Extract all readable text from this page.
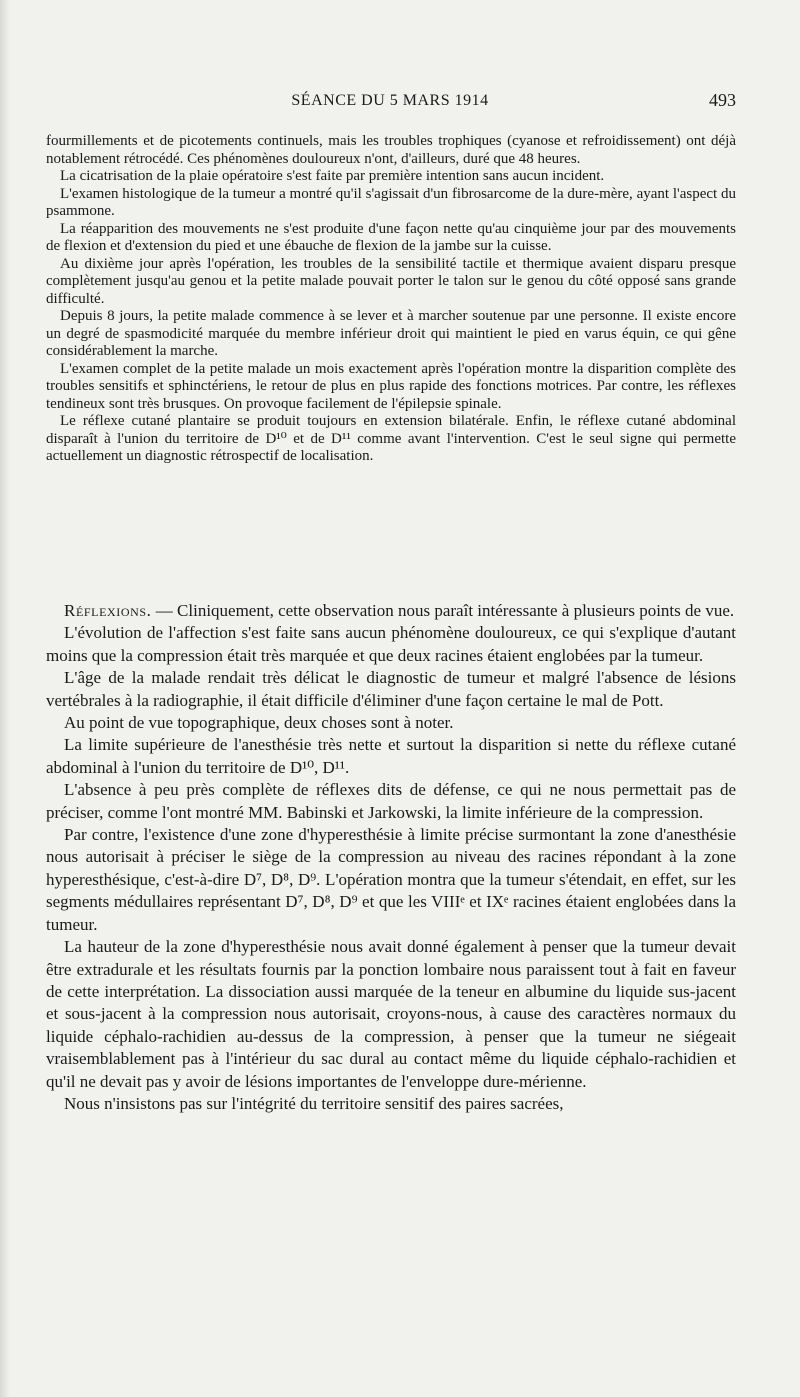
SÉANCE DU 5 MARS 1914	493

fourmillements et de picotements continuels, mais les troubles trophiques (cyanose et refroidissement) ont déjà notablement rétrocédé. Ces phénomènes douloureux n'ont, d'ailleurs, duré que 48 heures.

La cicatrisation de la plaie opératoire s'est faite par première intention sans aucun incident.

L'examen histologique de la tumeur a montré qu'il s'agissait d'un fibrosarcome de la dure-mère, ayant l'aspect du psammone.

La réapparition des mouvements ne s'est produite d'une façon nette qu'au cinquième jour par des mouvements de flexion et d'extension du pied et une ébauche de flexion de la jambe sur la cuisse.

Au dixième jour après l'opération, les troubles de la sensibilité tactile et thermique avaient disparu presque complètement jusqu'au genou et la petite malade pouvait porter le talon sur le genou du côté opposé sans grande difficulté.

Depuis 8 jours, la petite malade commence à se lever et à marcher soutenue par une personne. Il existe encore un degré de spasmodicité marquée du membre inférieur droit qui maintient le pied en varus équin, ce qui gêne considérablement la marche.

L'examen complet de la petite malade un mois exactement après l'opération montre la disparition complète des troubles sensitifs et sphinctériens, le retour de plus en plus rapide des fonctions motrices. Par contre, les réflexes tendineux sont très brusques. On provoque facilement de l'épilepsie spinale.

Le réflexe cutané plantaire se produit toujours en extension bilatérale. Enfin, le réflexe cutané abdominal disparaît à l'union du territoire de D¹⁰ et de D¹¹ comme avant l'intervention. C'est le seul signe qui permette actuellement un diagnostic rétrospectif de localisation.

Réflexions. — Cliniquement, cette observation nous paraît intéressante à plusieurs points de vue.

L'évolution de l'affection s'est faite sans aucun phénomène douloureux, ce qui s'explique d'autant moins que la compression était très marquée et que deux racines étaient englobées par la tumeur.

L'âge de la malade rendait très délicat le diagnostic de tumeur et malgré l'absence de lésions vertébrales à la radiographie, il était difficile d'éliminer d'une façon certaine le mal de Pott.

Au point de vue topographique, deux choses sont à noter.

La limite supérieure de l'anesthésie très nette et surtout la disparition si nette du réflexe cutané abdominal à l'union du territoire de D¹⁰, D¹¹.

L'absence à peu près complète de réflexes dits de défense, ce qui ne nous permettait pas de préciser, comme l'ont montré MM. Babinski et Jarkowski, la limite inférieure de la compression.

Par contre, l'existence d'une zone d'hyperesthésie à limite précise surmontant la zone d'anesthésie nous autorisait à préciser le siège de la compression au niveau des racines répondant à la zone hyperesthésique, c'est-à-dire D⁷, D⁸, D⁹. L'opération montra que la tumeur s'étendait, en effet, sur les segments médullaires représentant D⁷, D⁸, D⁹ et que les VIIIᵉ et IXᵉ racines étaient englobées dans la tumeur.

La hauteur de la zone d'hyperesthésie nous avait donné également à penser que la tumeur devait être extradurale et les résultats fournis par la ponction lombaire nous paraissent tout à fait en faveur de cette interprétation. La dissociation aussi marquée de la teneur en albumine du liquide sus-jacent et sous-jacent à la compression nous autorisait, croyons-nous, à cause des caractères normaux du liquide céphalo-rachidien au-dessus de la compression, à penser que la tumeur ne siégeait vraisemblablement pas à l'intérieur du sac dural au contact même du liquide céphalo-rachidien et qu'il ne devait pas y avoir de lésions importantes de l'enveloppe dure-mérienne.

Nous n'insistons pas sur l'intégrité du territoire sensitif des paires sacrées,
